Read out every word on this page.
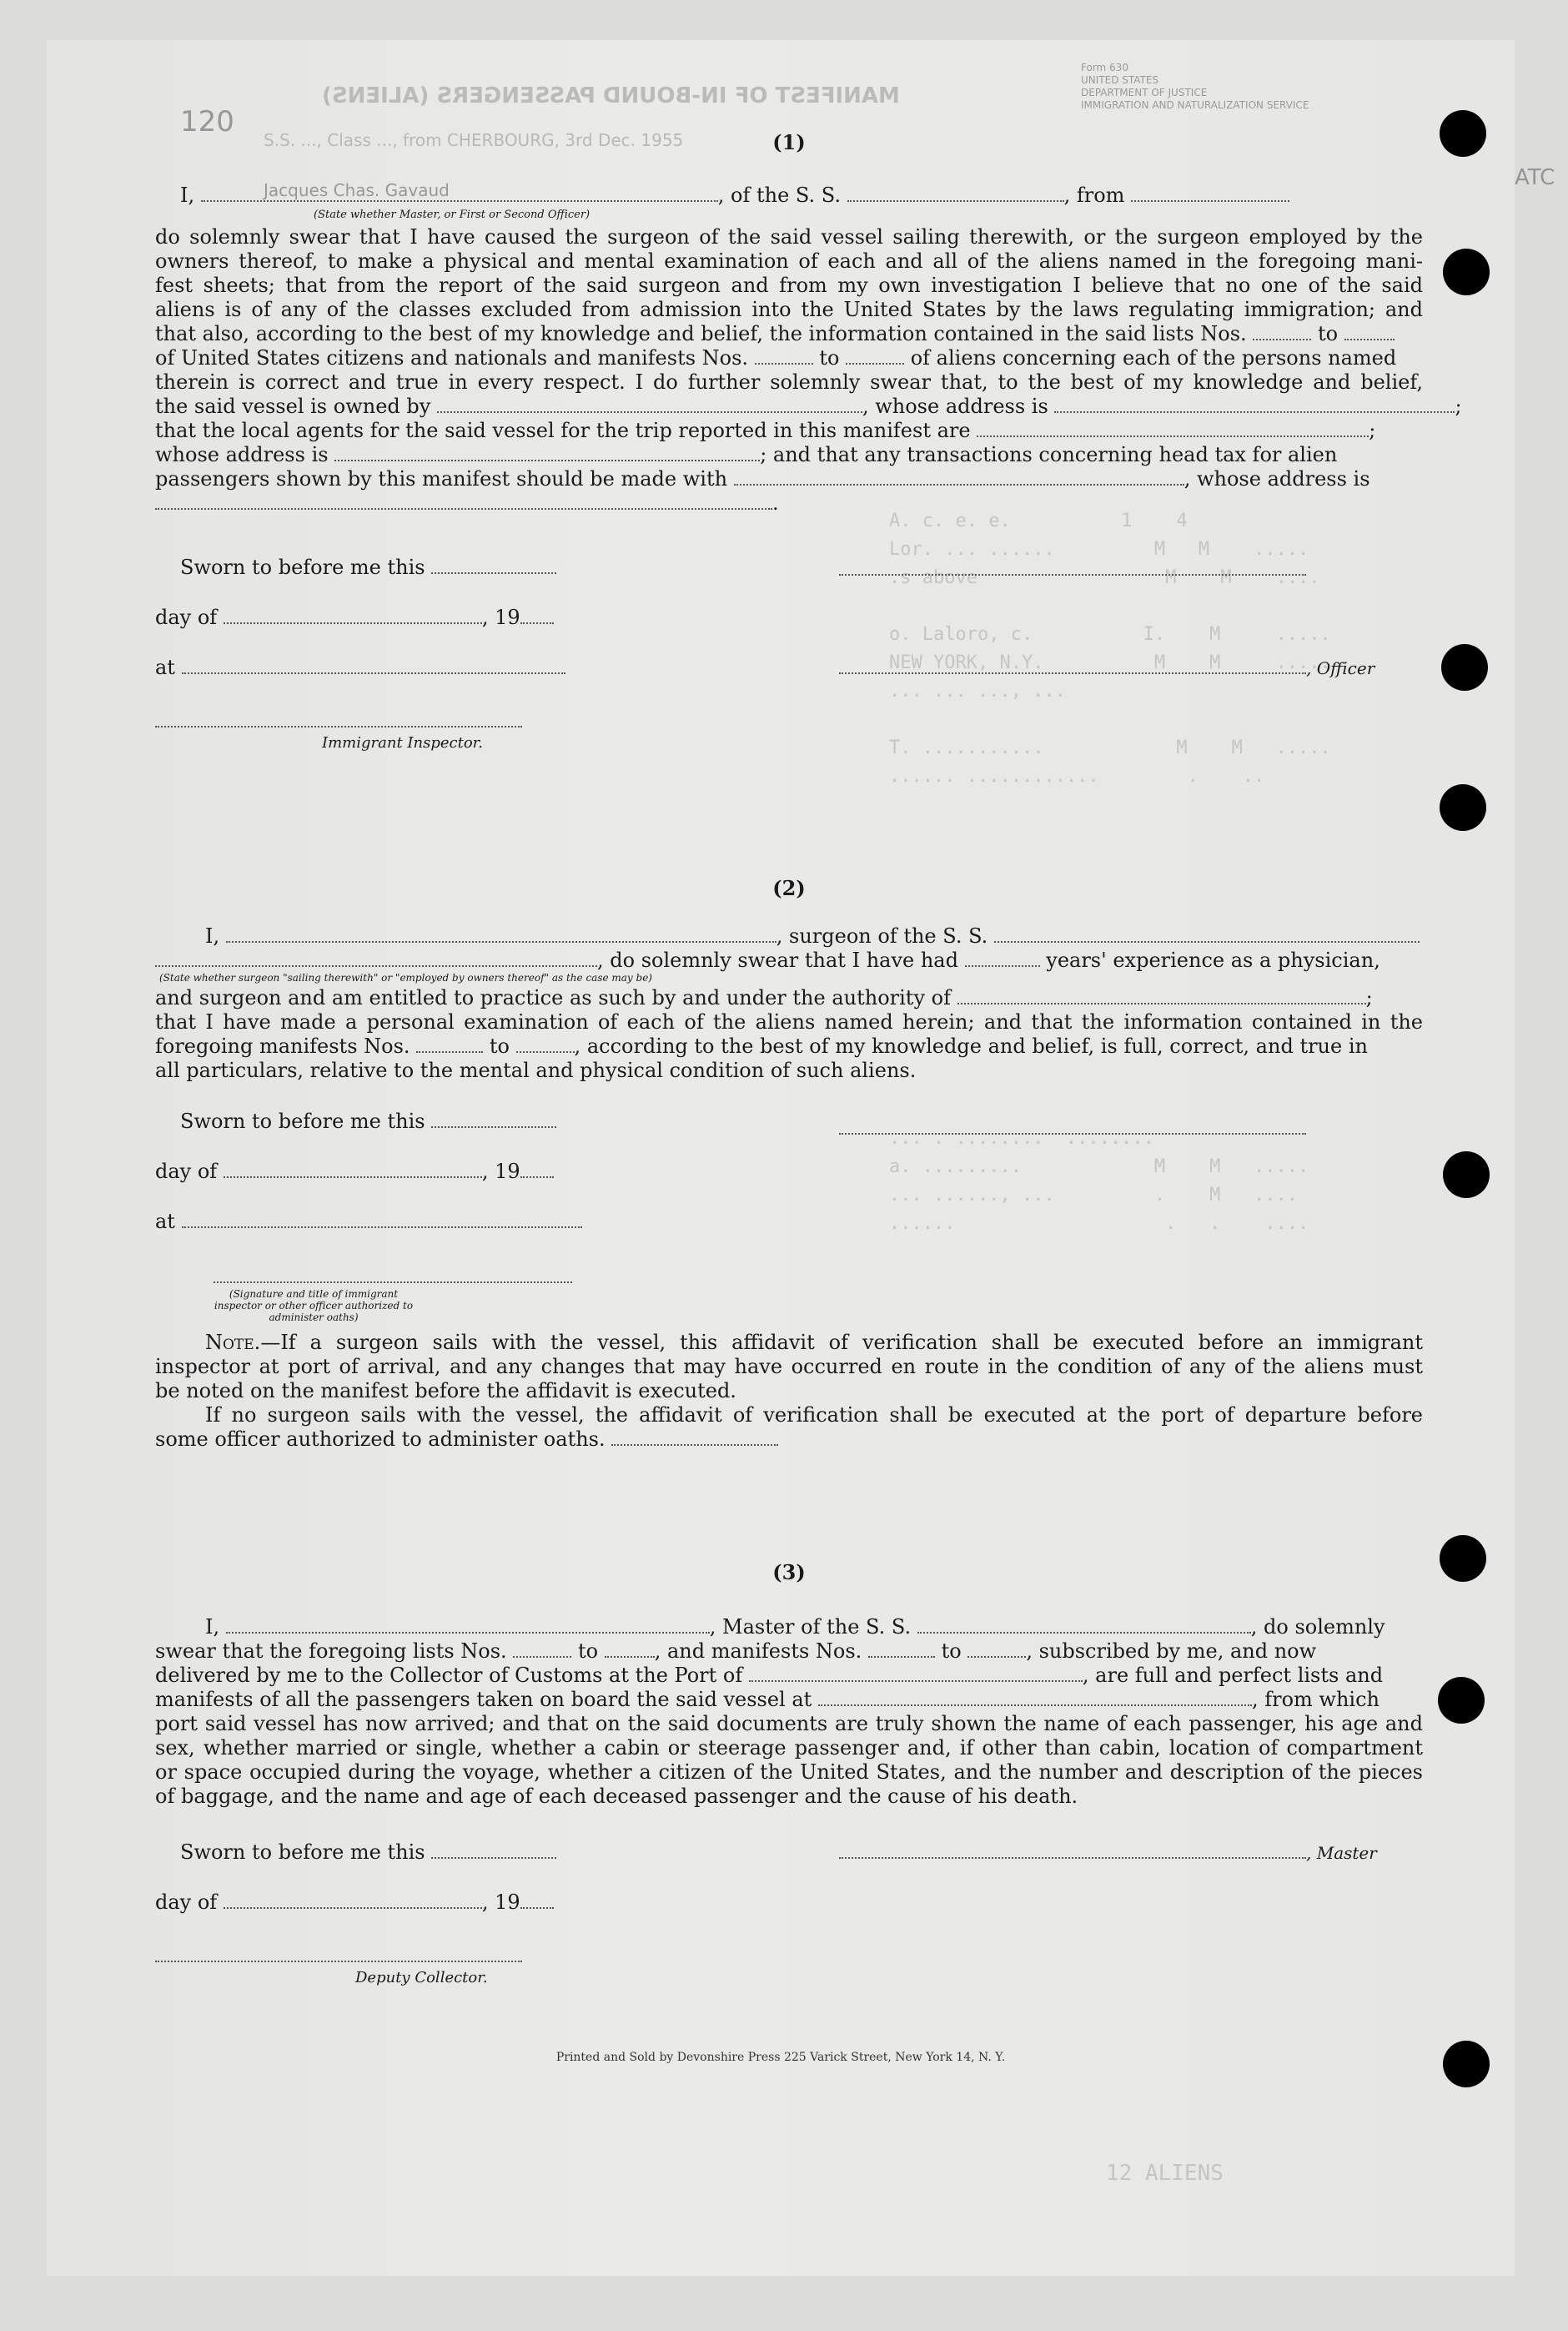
A. c. e. e.          1    4
Lor. ... ......         M   M    .....
.s above                 M    M    ....

o. Laloro, c.          I.    M     .....
NEW YORK, N.Y.          M    M     .....
... ... ..., ...

T. ...........            M    M   .....
...... ............        .    ..
... . ........  ........
a. .........            M    M   .....
... ......, ...         .    M   ....
......                   .   .    ....
Form 630
UNITED STATES
DEPARTMENT OF JUSTICE
IMMIGRATION AND NATURALIZATION SERVICE
MANIFEST OF IN-BOUND PASSENGERS (ALIENS)
S.S. ..., Class ..., from CHERBOURG, 3rd Dec. 1955
120
ATC
(1)
I,	, of the S. S.	, from
Jacques Chas. Gavaud
(State whether Master, or First or Second Officer)
do solemnly swear that I have caused the surgeon of the said vessel sailing therewith, or the surgeon employed by the
owners thereof, to make a physical and mental examination of each and all of the aliens named in the foregoing mani-
fest sheets; that from the report of the said surgeon and from my own investigation I believe that no one of the said
aliens is of any of the classes excluded from admission into the United States by the laws regulating immigration; and
that also, according to the best of my knowledge and belief, the information contained in the said lists Nos.	to
of United States citizens and nationals and manifests Nos.	to	of aliens concerning each of the persons named
therein is correct and true in every respect. I do further solemnly swear that, to the best of my knowledge and belief,
the said vessel is owned by	, whose address is	;
that the local agents for the said vessel for the trip reported in this manifest are	;
whose address is	; and that any transactions concerning head tax for alien
passengers shown by this manifest should be made with	, whose address is
.
Sworn to before me this
day of	, 19
at	, Officer
Immigrant Inspector.
(2)
I,	, surgeon of the S. S.
, do solemnly swear that I have had	years' experience as a physician,
(State whether surgeon "sailing therewith" or "employed by owners thereof" as the case may be)
and surgeon and am entitled to practice as such by and under the authority of	;
that I have made a personal examination of each of the aliens named herein; and that the information contained in the
foregoing manifests Nos.	to	, according to the best of my knowledge and belief, is full, correct, and true in
all particulars, relative to the mental and physical condition of such aliens.
Sworn to before me this
day of	, 19
at
(Signature and title of immigrant inspector or other officer authorized to administer oaths)
Note.—If a surgeon sails with the vessel, this affidavit of verification shall be executed before an immigrant
inspector at port of arrival, and any changes that may have occurred en route in the condition of any of the aliens must
be noted on the manifest before the affidavit is executed.
If no surgeon sails with the vessel, the affidavit of verification shall be executed at the port of departure before
some officer authorized to administer oaths.
(3)
I,	, Master of the S. S.	, do solemnly
swear that the foregoing lists Nos.	to	, and manifests Nos.	to	, subscribed by me, and now
delivered by me to the Collector of Customs at the Port of	, are full and perfect lists and
manifests of all the passengers taken on board the said vessel at	, from which
port said vessel has now arrived; and that on the said documents are truly shown the name of each passenger, his age and
sex, whether married or single, whether a cabin or steerage passenger and, if other than cabin, location of compartment
or space occupied during the voyage, whether a citizen of the United States, and the number and description of the pieces
of baggage, and the name and age of each deceased passenger and the cause of his death.
Sworn to before me this	, Master
day of	, 19
Deputy Collector.
Printed and Sold by Devonshire Press 225 Varick Street, New York 14, N. Y.
12 ALIENS
